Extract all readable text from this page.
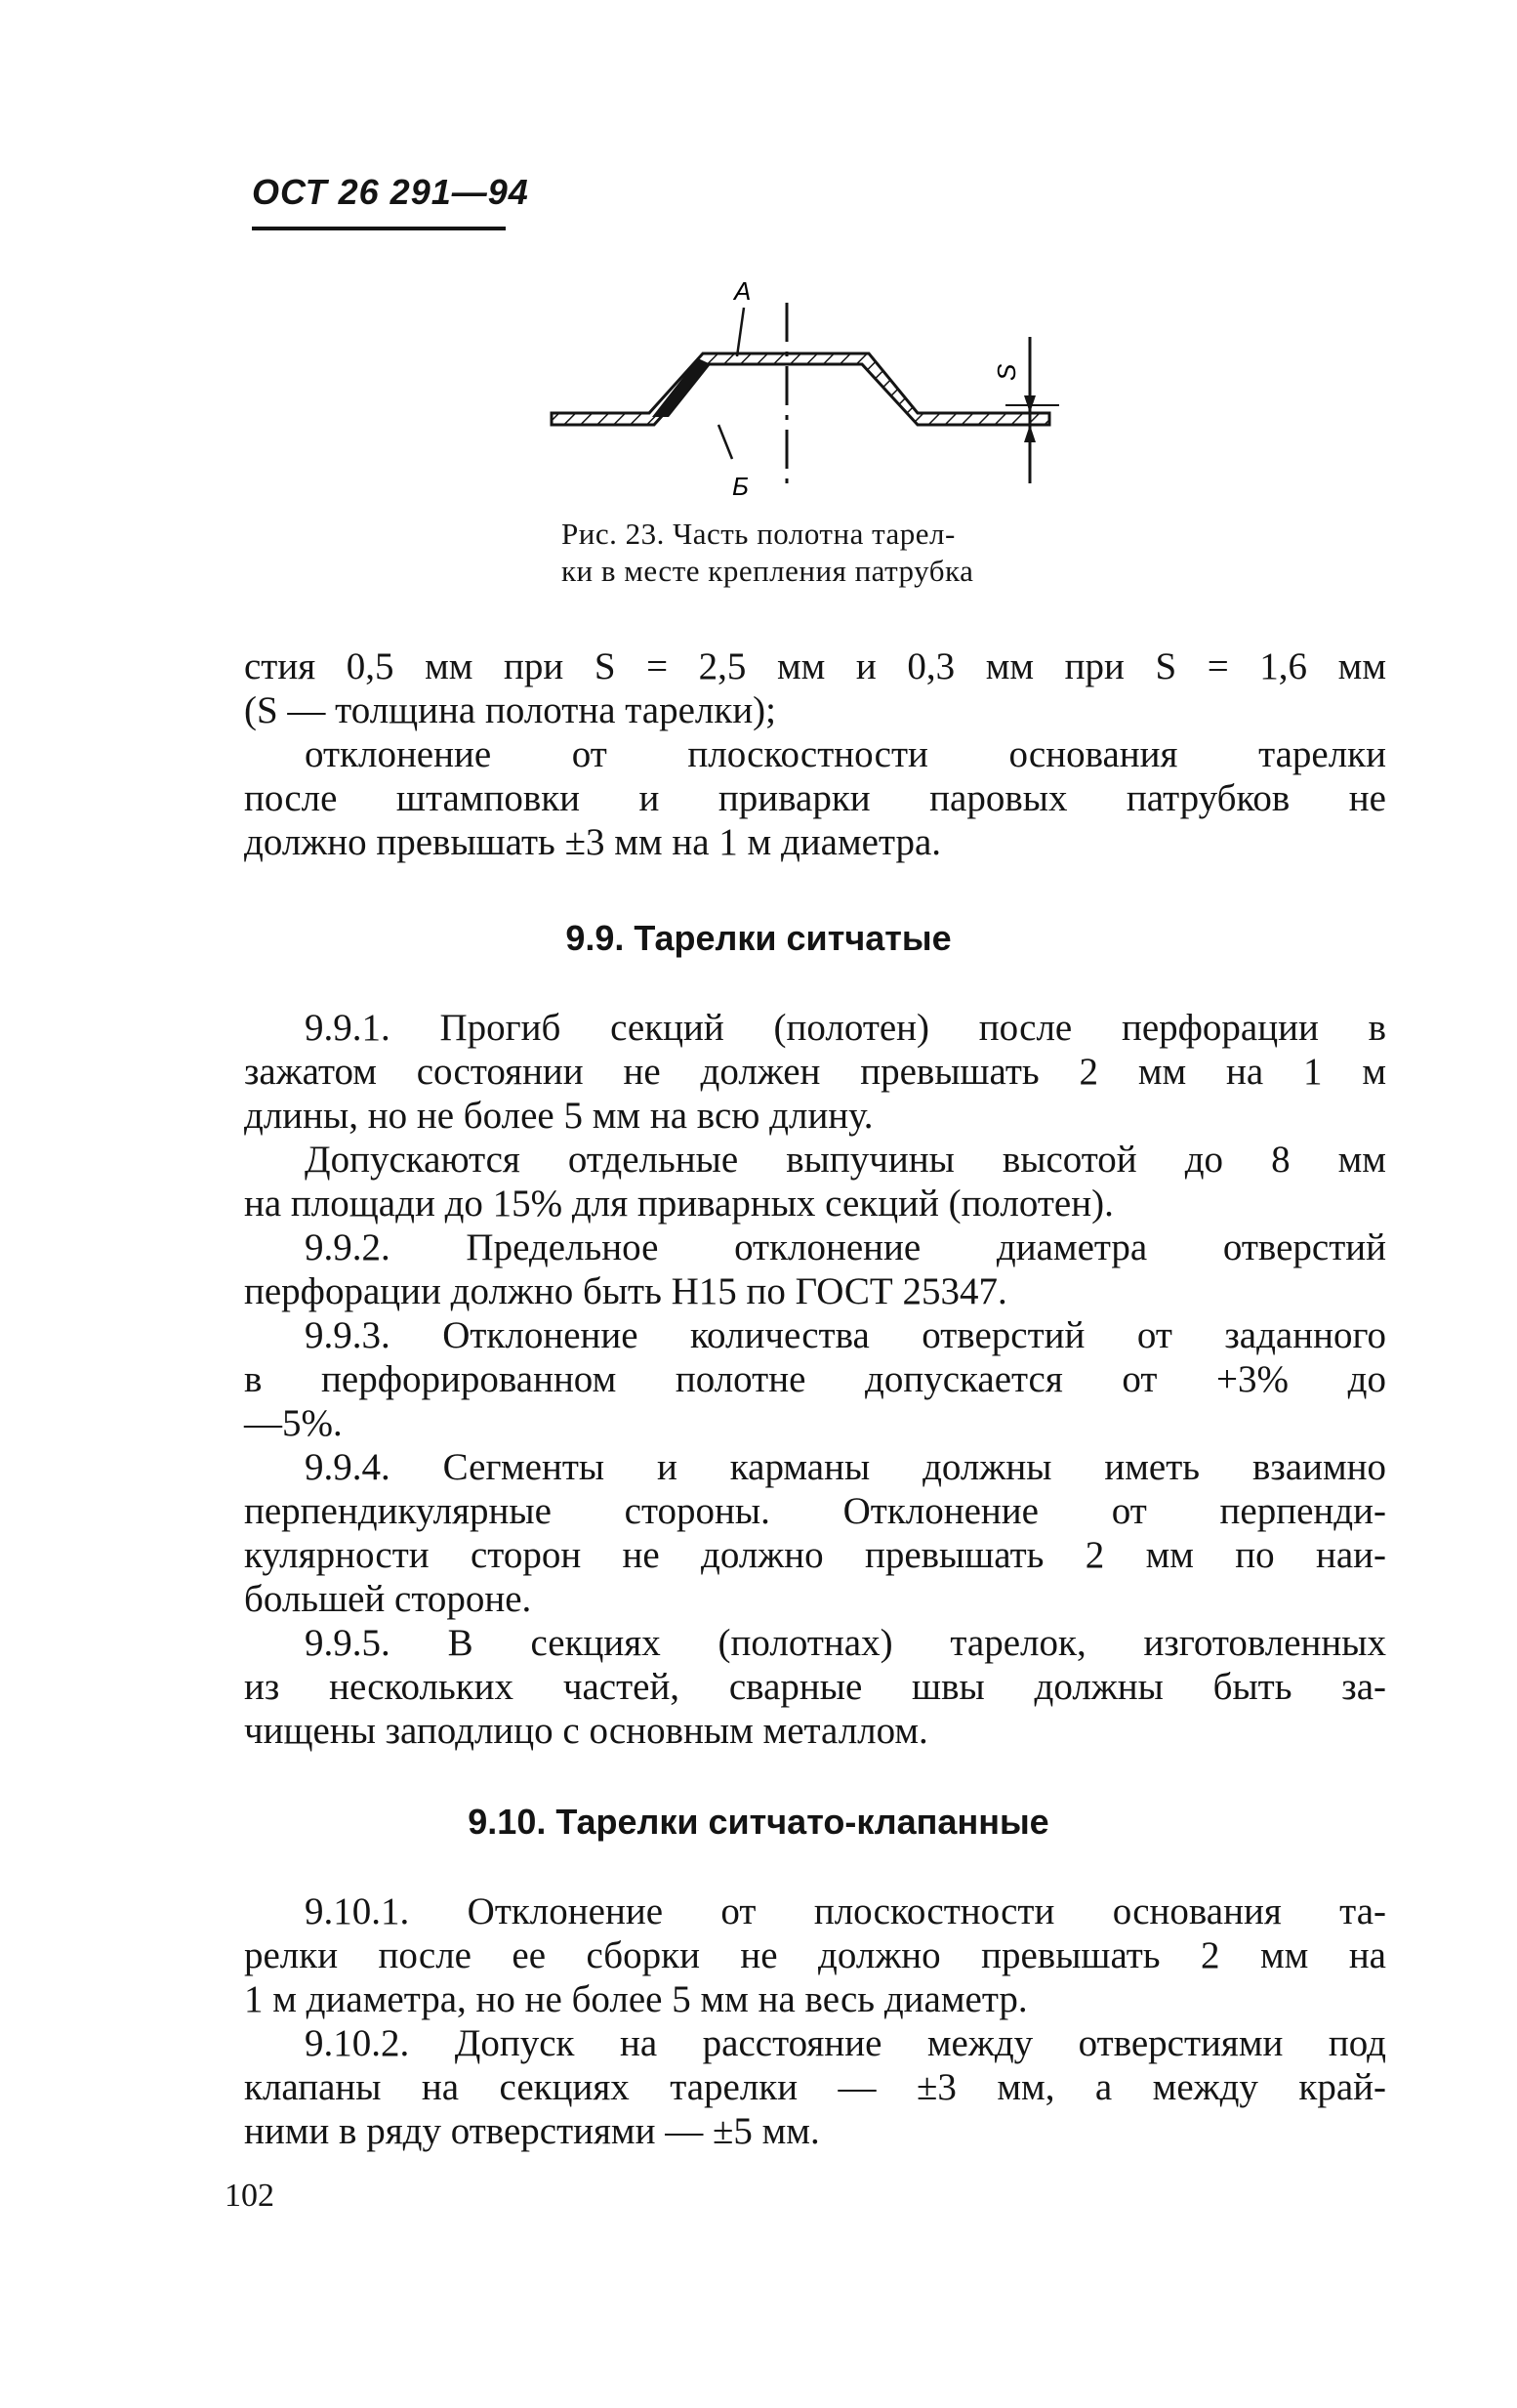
ОСТ 26 291—94
А
Б
S
Рис. 23. Часть полотна тарел-
ки в месте крепления патрубка
стия 0,5 мм при S = 2,5 мм и 0,3 мм при S = 1,6 мм
(S — толщина полотна тарелки);
отклонение от плоскостности основания тарелки
после штамповки и приварки паровых патрубков не
должно превышать ±3 мм на 1 м диаметра.
9.9. Тарелки ситчатые
9.9.1. Прогиб секций (полотен) после перфорации в
зажатом состоянии не должен превышать 2 мм на 1 м
длины, но не более 5 мм на всю длину.
Допускаются отдельные выпучины высотой до 8 мм
на площади до 15% для приварных секций (полотен).
9.9.2. Предельное отклонение диаметра отверстий
перфорации должно быть Н15 по ГОСТ 25347.
9.9.3. Отклонение количества отверстий от заданного
в перфорированном полотне допускается от +3% до
—5%.
9.9.4. Сегменты и карманы должны иметь взаимно
перпендикулярные стороны. Отклонение от перпенди-
кулярности сторон не должно превышать 2 мм по наи-
большей стороне.
9.9.5. В секциях (полотнах) тарелок, изготовленных
из нескольких частей, сварные швы должны быть за-
чищены заподлицо с основным металлом.
9.10. Тарелки ситчато-клапанные
9.10.1. Отклонение от плоскостности основания та-
релки после ее сборки не должно превышать 2 мм на
1 м диаметра, но не более 5 мм на весь диаметр.
9.10.2. Допуск на расстояние между отверстиями под
клапаны на секциях тарелки — ±3 мм, а между край-
ними в ряду отверстиями — ±5 мм.
102
